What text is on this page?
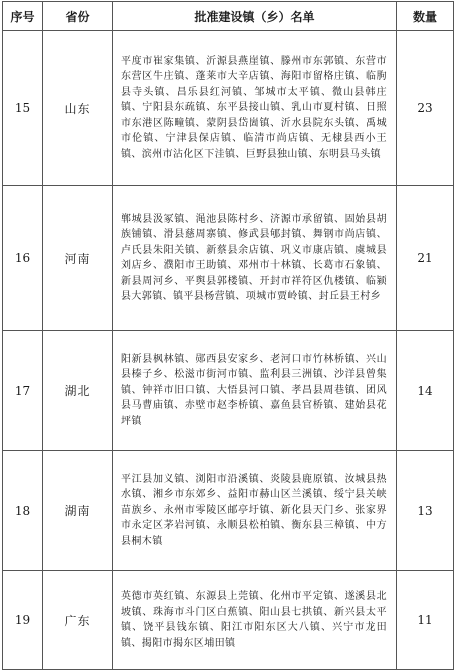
序号	省份	批准建设镇（乡）名单	数量
15	山东	平度市崔家集镇、沂源县燕崖镇、滕州市东郭镇、东营市东营区牛庄镇、蓬莱市大辛店镇、海阳市留格庄镇、临朐县寺头镇、昌乐县红河镇、邹城市太平镇、微山县韩庄镇、宁阳县东疏镇、东平县接山镇、乳山市夏村镇、日照市东港区陈疃镇、蒙阴县岱崮镇、沂水县院东头镇、禹城市伦镇、宁津县保店镇、临清市尚店镇、无棣县西小王镇、滨州市沾化区下洼镇、巨野县独山镇、东明县马头镇	23
16	河南	郸城县汲冢镇、渑池县陈村乡、济源市承留镇、固始县胡族铺镇、滑县慈周寨镇、修武县郇封镇、舞钢市尚店镇、卢氏县朱阳关镇、新蔡县余店镇、巩义市康店镇、虞城县刘店乡、濮阳市王助镇、邓州市十林镇、长葛市石象镇、新县周河乡、平舆县郭楼镇、开封市祥符区仇楼镇、临颍县大郭镇、镇平县杨营镇、项城市贾岭镇、封丘县王村乡	21
17	湖北	阳新县枫林镇、郧西县安家乡、老河口市竹林桥镇、兴山县榛子乡、松滋市街河市镇、监利县三洲镇、沙洋县曾集镇、钟祥市旧口镇、大悟县河口镇、孝昌县周巷镇、团风县马曹庙镇、赤壁市赵李桥镇、嘉鱼县官桥镇、建始县花坪镇	14
18	湖南	平江县加义镇、浏阳市沿溪镇、炎陵县鹿原镇、汝城县热水镇、湘乡市东郊乡、益阳市赫山区兰溪镇、绥宁县关峡苗族乡、永州市零陵区邮亭圩镇、新化县天门乡、张家界市永定区茅岩河镇、永顺县松柏镇、衡东县三樟镇、中方县桐木镇	13
19	广东	英德市英红镇、东源县上莞镇、化州市平定镇、遂溪县北坡镇、珠海市斗门区白蕉镇、阳山县七拱镇、新兴县太平镇、饶平县钱东镇、阳江市阳东区大八镇、兴宁市龙田镇、揭阳市揭东区埔田镇	11
